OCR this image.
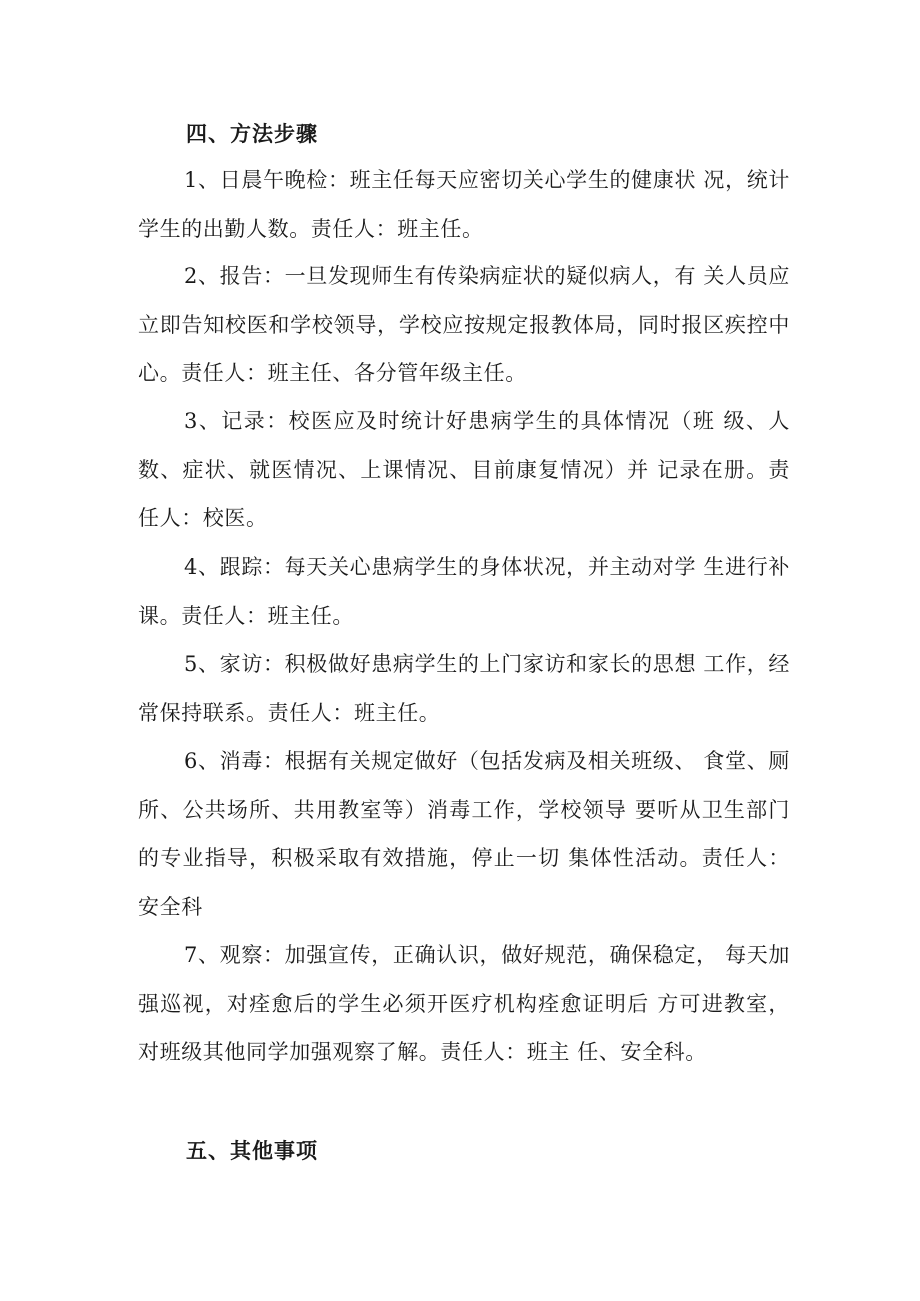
四、方法步骤

1、日晨午晚检：班主任每天应密切关心学生的健康状 况，统计学生的出勤人数。责任人：班主任。

2、报告：一旦发现师生有传染病症状的疑似病人，有 关人员应立即告知校医和学校领导，学校应按规定报教体局，同时报区疾控中心。责任人：班主任、各分管年级主任。

3、记录：校医应及时统计好患病学生的具体情况（班 级、人数、症状、就医情况、上课情况、目前康复情况）并 记录在册。责任人：校医。

4、跟踪：每天关心患病学生的身体状况，并主动对学 生进行补课。责任人：班主任。

5、家访：积极做好患病学生的上门家访和家长的思想 工作，经常保持联系。责任人：班主任。

6、消毒：根据有关规定做好（包括发病及相关班级、 食堂、厕所、公共场所、共用教室等）消毒工作，学校领导 要听从卫生部门的专业指导，积极采取有效措施，停止一切 集体性活动。责任人：安全科

7、观察：加强宣传，正确认识，做好规范，确保稳定， 每天加强巡视，对痊愈后的学生必须开医疗机构痊愈证明后 方可进教室，对班级其他同学加强观察了解。责任人：班主 任、安全科。

五、其他事项
